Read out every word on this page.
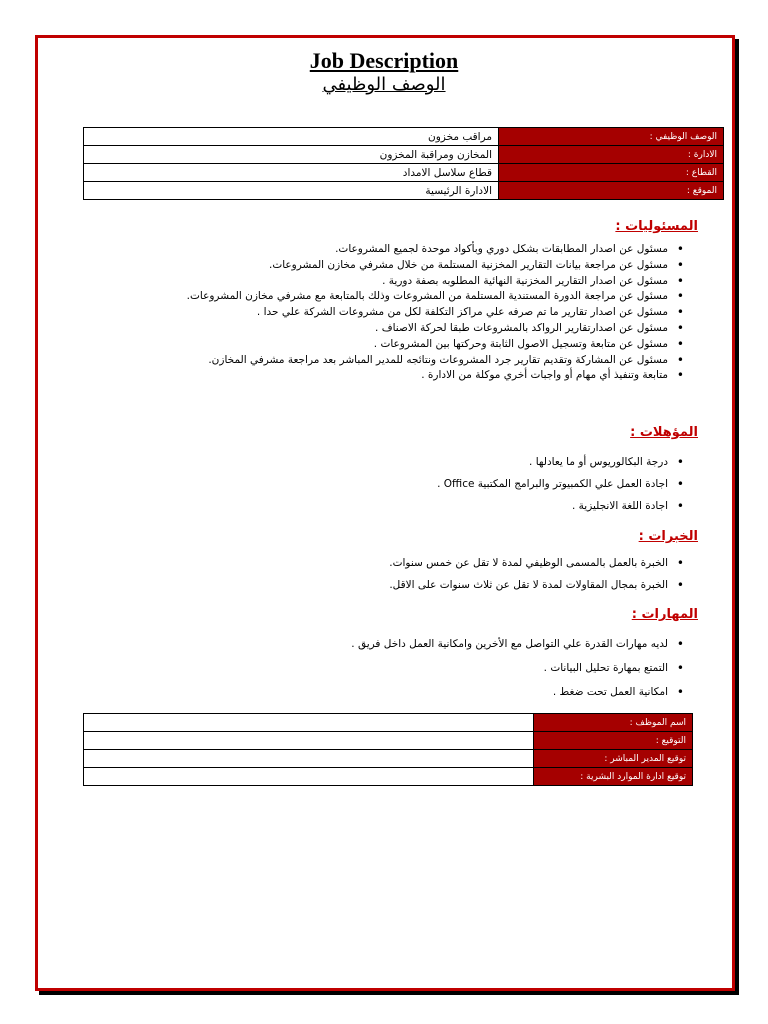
Job Description
الوصف الوظيفي
الوصف الوظيفي :	مراقب مخزون
الادارة :	المخازن ومراقبة المخزون
القطاع :	قطاع سلاسل الامداد
الموقع :	الادارة الرئيسية
المسئوليات :
مسئول عن اصدار المطابقات بشكل دوري وبأكواد موحدة لجميع المشروعات. •
مسئول عن مراجعة بيانات التقارير المخزنية المستلمة من خلال مشرفي مخازن المشروعات. •
مسئول عن اصدار التقارير المخزنية النهائية المطلوبه بصفة دورية . •
مسئول عن مراجعة الدورة المستندية المستلمة من المشروعات وذلك بالمتابعة مع مشرفي مخازن المشروعات. •
مسئول عن اصدار تقارير ما تم صرفه علي مراكز التكلفة لكل من مشروعات الشركة علي حدا . •
مسئول عن اصدارتقارير الرواكد بالمشروعات طبقا لحركة الاصناف . •
مسئول عن متابعة وتسجيل الاصول الثابتة وحركتها بين المشروعات . •
مسئول عن المشاركة وتقديم تقارير جرد المشروعات ونتائجه للمدير المباشر بعد مراجعة مشرفي المخازن. •
متابعة وتنفيذ أي مهام أو واجبات أخري موكلة من الادارة . •
المؤهلات :
درجة البكالوريوس أو ما يعادلها . •
اجادة العمل علي الكمبيوتر والبرامج المكتبية Office . •
اجادة اللغة الانجليزية . •
الخبرات :
الخبرة بالعمل بالمسمى الوظيفي لمدة لا تقل عن خمس سنوات. •
الخبرة بمجال المقاولات لمدة لا تقل عن ثلاث سنوات على الاقل. •
المهارات :
لديه مهارات القدرة علي التواصل مع الأخرين وامكانية العمل داخل فريق . •
التمتع بمهارة تحليل البيانات . •
امكانية العمل تحت ضغط . •
اسم الموظف :	
التوقيع :	
توقيع المدير المباشر :	
توقيع ادارة الموارد البشرية :	
